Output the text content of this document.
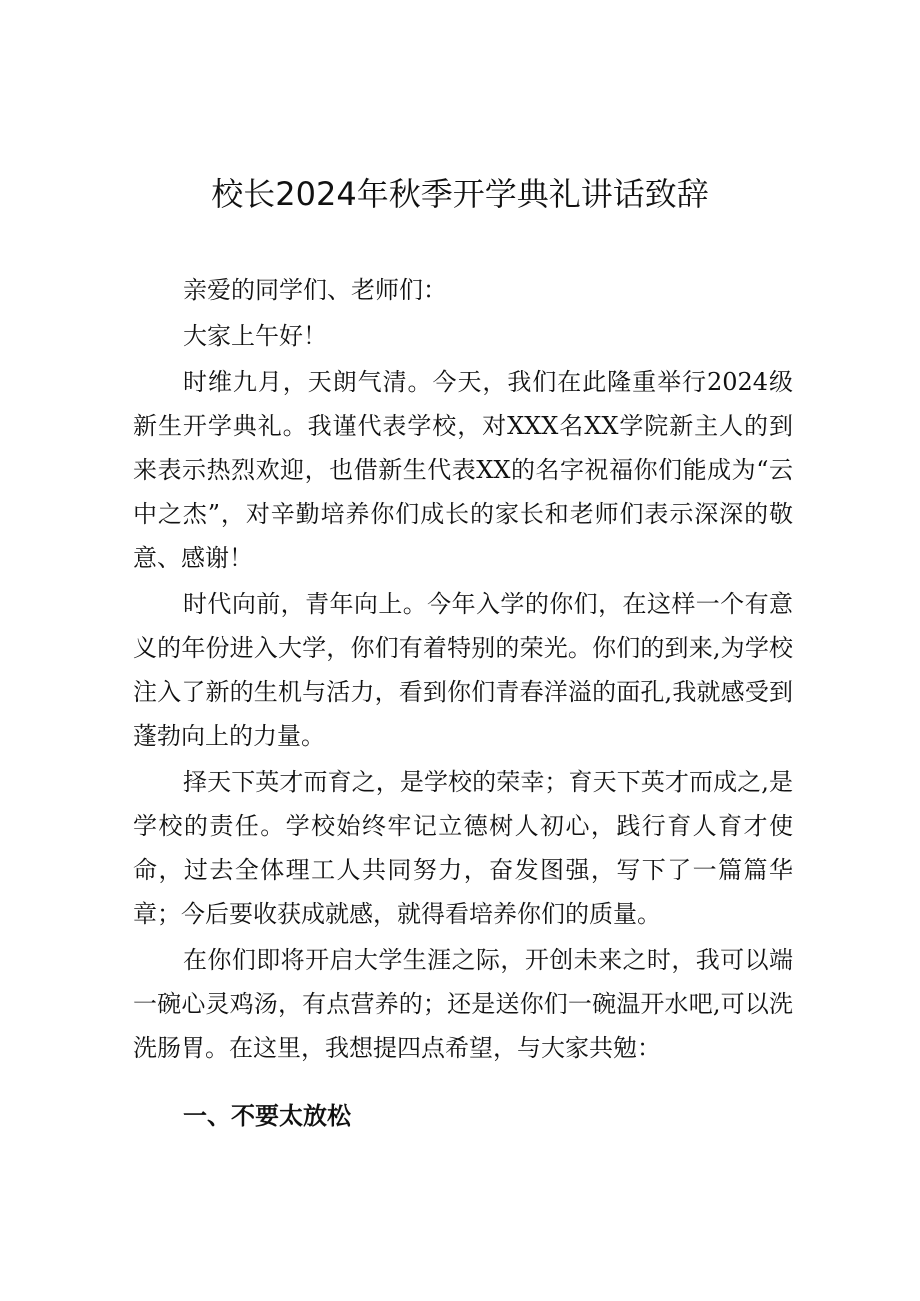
校长2024年秋季开学典礼讲话致辞

亲爱的同学们、老师们：

大家上午好！

时维九月，天朗气清。今天，我们在此隆重举行2024级新生开学典礼。我谨代表学校，对XXX名XX学院新主人的到来表示热烈欢迎，也借新生代表XX的名字祝福你们能成为“云中之杰”，对辛勤培养你们成长的家长和老师们表示深深的敬意、感谢！

时代向前，青年向上。今年入学的你们，在这样一个有意义的年份进入大学，你们有着特别的荣光。你们的到来,为学校注入了新的生机与活力，看到你们青春洋溢的面孔,我就感受到蓬勃向上的力量。

择天下英才而育之，是学校的荣幸；育天下英才而成之,是学校的责任。学校始终牢记立德树人初心，践行育人育才使命，过去全体理工人共同努力，奋发图强，写下了一篇篇华章；今后要收获成就感，就得看培养你们的质量。

在你们即将开启大学生涯之际，开创未来之时，我可以端一碗心灵鸡汤，有点营养的；还是送你们一碗温开水吧,可以洗洗肠胃。在这里，我想提四点希望，与大家共勉：

一、不要太放松
